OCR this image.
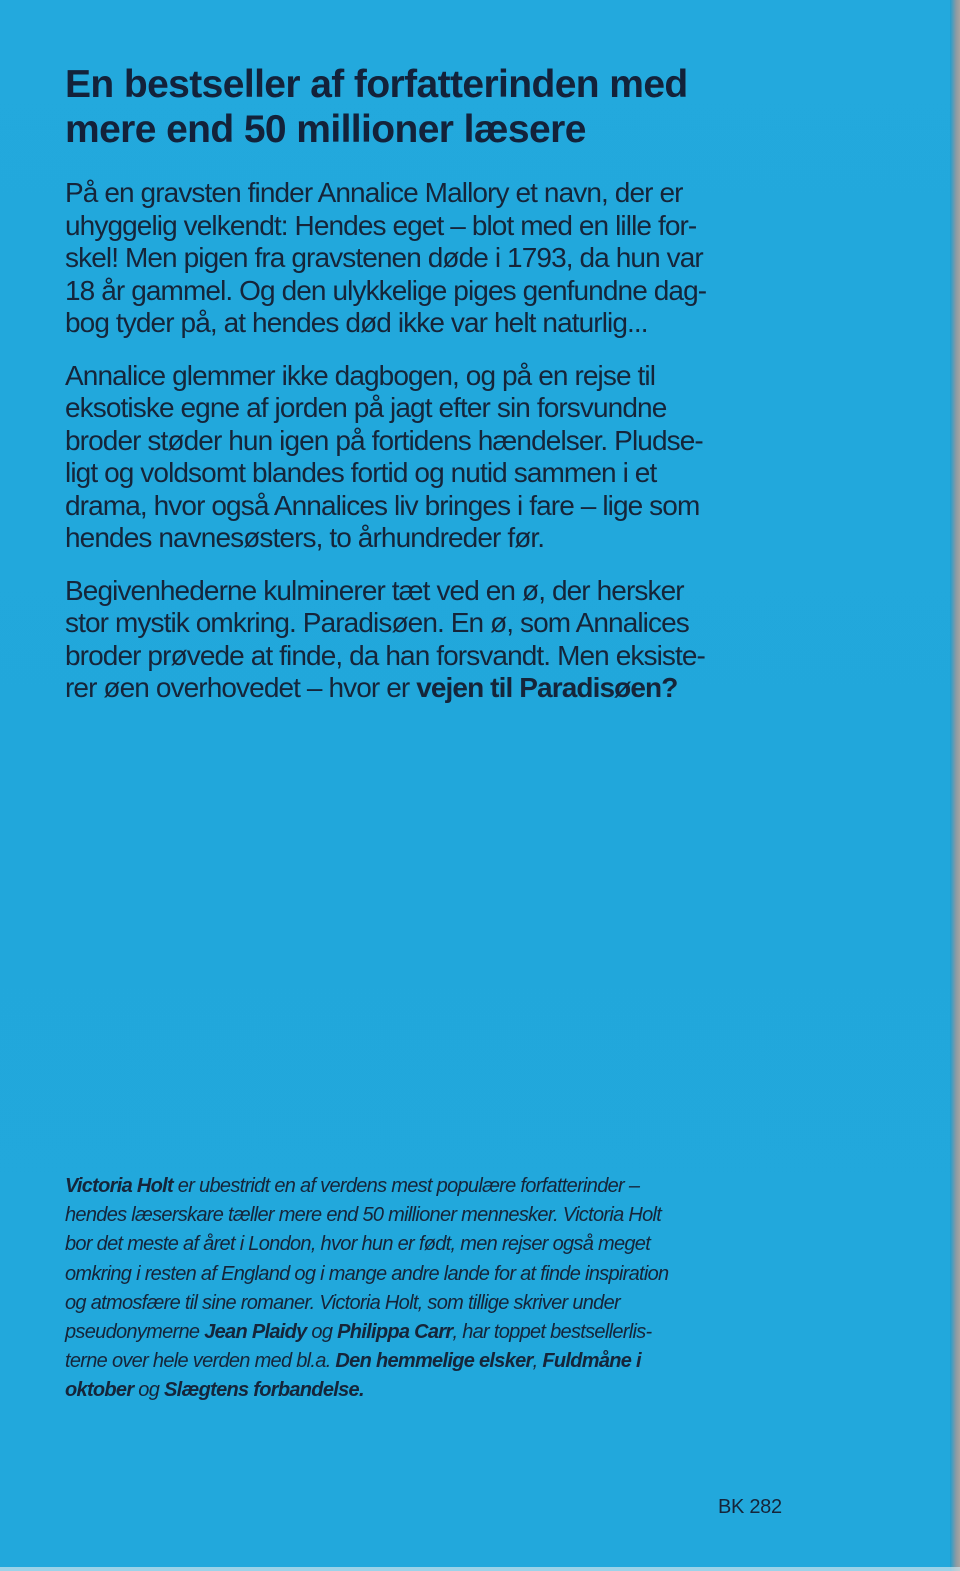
En bestseller af forfatterinden med
mere end 50 millioner læsere

På en gravsten finder Annalice Mallory et navn, der er
uhyggelig velkendt: Hendes eget – blot med en lille for-
skel! Men pigen fra gravstenen døde i 1793, da hun var
18 år gammel. Og den ulykkelige piges genfundne dag-
bog tyder på, at hendes død ikke var helt naturlig...

Annalice glemmer ikke dagbogen, og på en rejse til
eksotiske egne af jorden på jagt efter sin forsvundne
broder støder hun igen på fortidens hændelser. Pludse-
ligt og voldsomt blandes fortid og nutid sammen i et
drama, hvor også Annalices liv bringes i fare – lige som
hendes navnesøsters, to århundreder før.

Begivenhederne kulminerer tæt ved en ø, der hersker
stor mystik omkring. Paradisøen. En ø, som Annalices
broder prøvede at finde, da han forsvandt. Men eksiste-
rer øen overhovedet – hvor er vejen til Paradisøen?

Victoria Holt er ubestridt en af verdens mest populære forfatterinder –
hendes læserskare tæller mere end 50 millioner mennesker. Victoria Holt
bor det meste af året i London, hvor hun er født, men rejser også meget
omkring i resten af England og i mange andre lande for at finde inspiration
og atmosfære til sine romaner. Victoria Holt, som tillige skriver under
pseudonymerne Jean Plaidy og Philippa Carr, har toppet bestsellerlis-
terne over hele verden med bl.a. Den hemmelige elsker, Fuldmåne i
oktober og Slægtens forbandelse.
BK 282
